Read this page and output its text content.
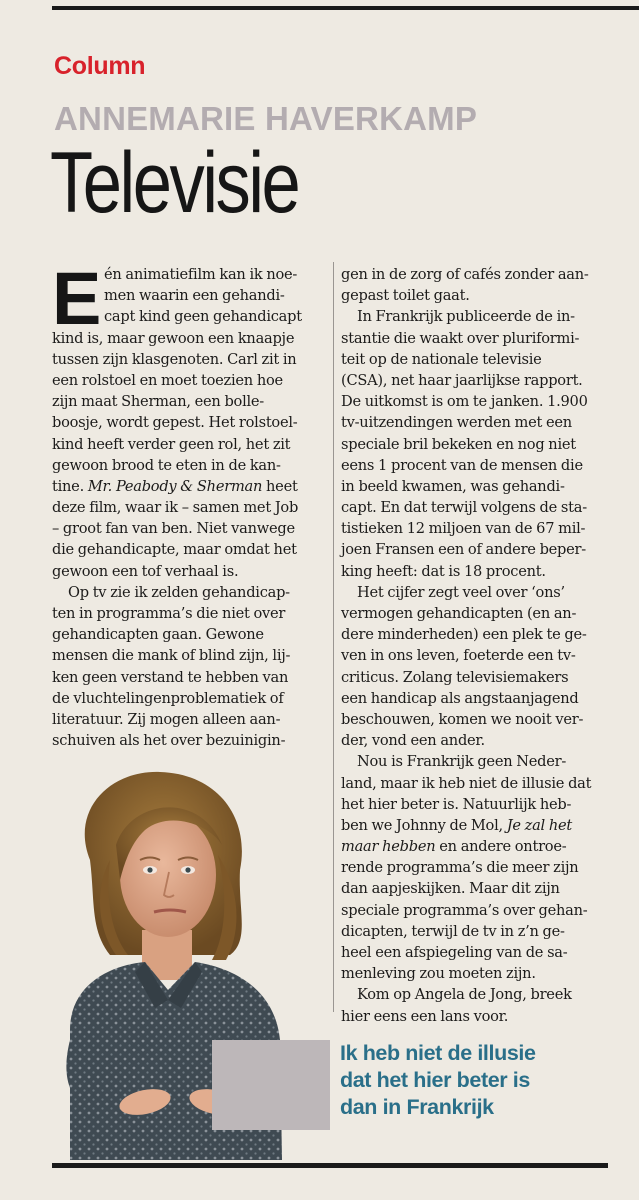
Column
ANNEMARIE HAVERKAMP
Televisie
E én animatiefilm kan ik noe-
men waarin een gehandi-
capt kind geen gehandicapt
kind is, maar gewoon een knaapje
tussen zijn klasgenoten. Carl zit in
een rolstoel en moet toezien hoe
zijn maat Sherman, een bolle-
boosje, wordt gepest. Het rolstoel-
kind heeft verder geen rol, het zit
gewoon brood te eten in de kan-
tine. Mr. Peabody & Sherman heet
deze film, waar ik – samen met Job
– groot fan van ben. Niet vanwege
die gehandicapte, maar omdat het
gewoon een tof verhaal is.
Op tv zie ik zelden gehandicap-
ten in programma’s die niet over
gehandicapten gaan. Gewone
mensen die mank of blind zijn, lij-
ken geen verstand te hebben van
de vluchtelingenproblematiek of
literatuur. Zij mogen alleen aan-
schuiven als het over bezuinigin-
gen in de zorg of cafés zonder aan-
gepast toilet gaat.
In Frankrijk publiceerde de in-
stantie die waakt over pluriformi-
teit op de nationale televisie
(CSA), net haar jaarlijkse rapport.
De uitkomst is om te janken. 1.900
tv-uitzendingen werden met een
speciale bril bekeken en nog niet
eens 1 procent van de mensen die
in beeld kwamen, was gehandi-
capt. En dat terwijl volgens de sta-
tistieken 12 miljoen van de 67 mil-
joen Fransen een of andere beper-
king heeft: dat is 18 procent.
Het cijfer zegt veel over ‘ons’
vermogen gehandicapten (en an-
dere minderheden) een plek te ge-
ven in ons leven, foeterde een tv-
criticus. Zolang televisiemakers
een handicap als angstaanjagend
beschouwen, komen we nooit ver-
der, vond een ander.
Nou is Frankrijk geen Neder-
land, maar ik heb niet de illusie dat
het hier beter is. Natuurlijk heb-
ben we Johnny de Mol, Je zal het
maar hebben en andere ontroe-
rende programma’s die meer zijn
dan aapjeskijken. Maar dit zijn
speciale programma’s over gehan-
dicapten, terwijl de tv in z’n ge-
heel een afspiegeling van de sa-
menleving zou moeten zijn.
Kom op Angela de Jong, breek
hier eens een lans voor.
Ik heb niet de illusie
dat het hier beter is
dan in Frankrijk
